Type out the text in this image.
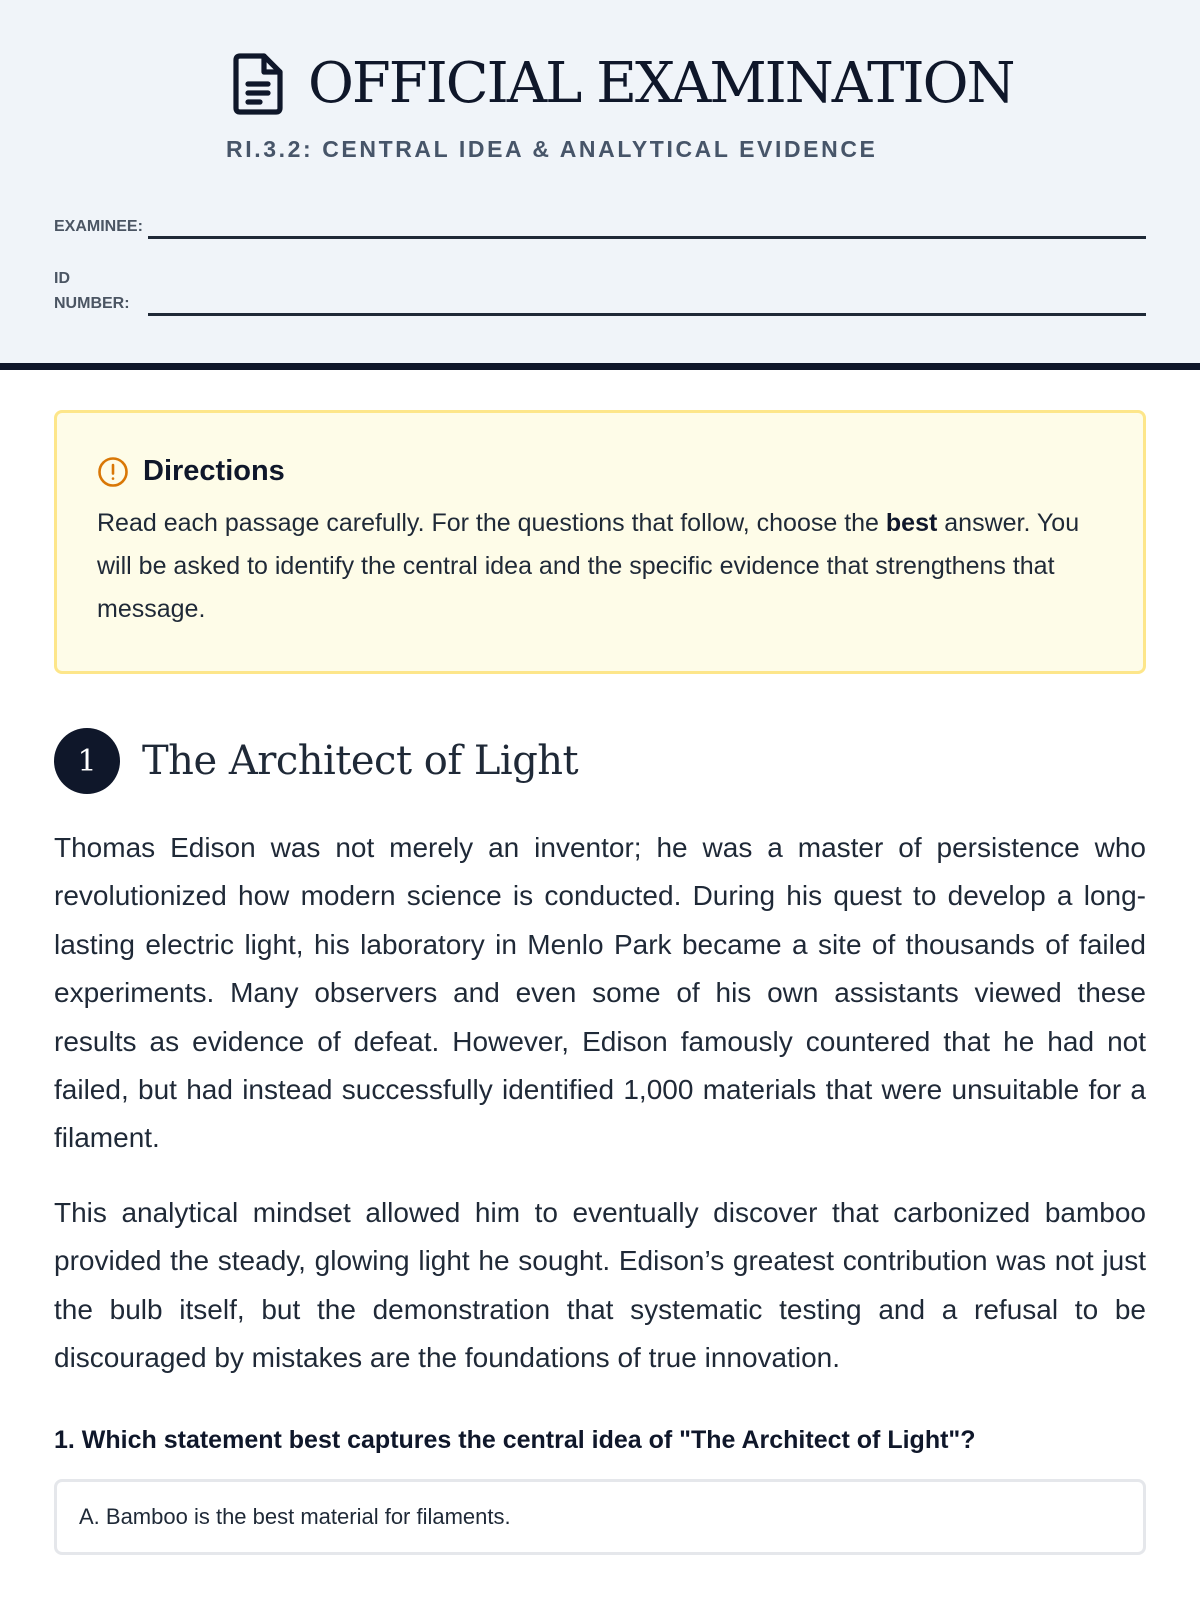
OFFICIAL EXAMINATION
RI.3.2: CENTRAL IDEA & ANALYTICAL EVIDENCE
EXAMINEE:
ID NUMBER:
Directions

Read each passage carefully. For the questions that follow, choose the best answer. You will be asked to identify the central idea and the specific evidence that strengthens that message.

1	The Architect of Light

Thomas Edison was not merely an inventor; he was a master of persistence who revolutionized how modern science is conducted. During his quest to develop a long-lasting electric light, his laboratory in Menlo Park became a site of thousands of failed experiments. Many observers and even some of his own assistants viewed these results as evidence of defeat. However, Edison famously countered that he had not failed, but had instead successfully identified 1,000 materials that were unsuitable for a filament.

This analytical mindset allowed him to eventually discover that carbonized bamboo provided the steady, glowing light he sought. Edison’s greatest contribution was not just the bulb itself, but the demonstration that systematic testing and a refusal to be discouraged by mistakes are the foundations of true innovation.

1. Which statement best captures the central idea of "The Architect of Light"?
A. Bamboo is the best material for filaments.
